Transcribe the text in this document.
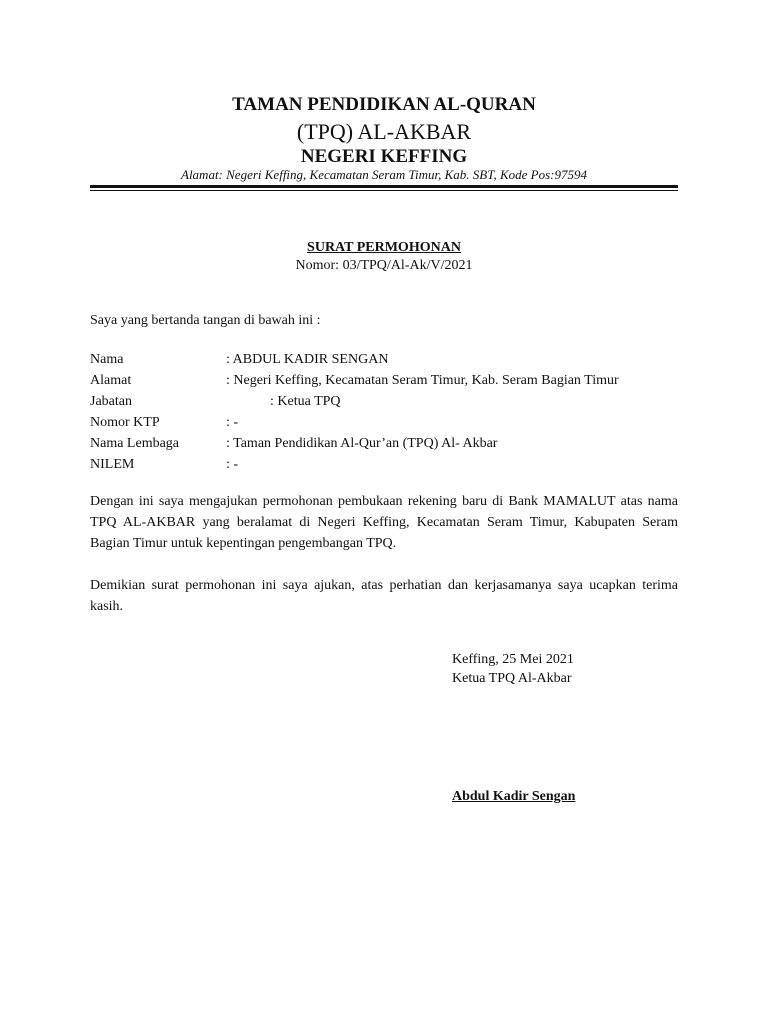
TAMAN PENDIDIKAN AL-QURAN
(TPQ) AL-AKBAR
NEGERI KEFFING
Alamat: Negeri Keffing, Kecamatan Seram Timur, Kab. SBT, Kode Pos:97594
SURAT PERMOHONAN
Nomor: 03/TPQ/Al-Ak/V/2021
Saya yang bertanda tangan di bawah ini :
Nama	: ABDUL KADIR SENGAN
Alamat	: Negeri Keffing, Kecamatan Seram Timur, Kab. Seram Bagian Timur
Jabatan	: Ketua TPQ
Nomor KTP	: -
Nama Lembaga	: Taman Pendidikan Al-Qur’an (TPQ) Al- Akbar
NILEM	: -
Dengan ini saya mengajukan permohonan pembukaan rekening baru di Bank MAMALUT atas nama TPQ AL-AKBAR yang beralamat di Negeri Keffing, Kecamatan Seram Timur, Kabupaten Seram Bagian Timur untuk kepentingan pengembangan TPQ.
Demikian surat permohonan ini saya ajukan, atas perhatian dan kerjasamanya saya ucapkan terima kasih.
Keffing, 25 Mei 2021
Ketua TPQ Al-Akbar
Abdul Kadir Sengan
